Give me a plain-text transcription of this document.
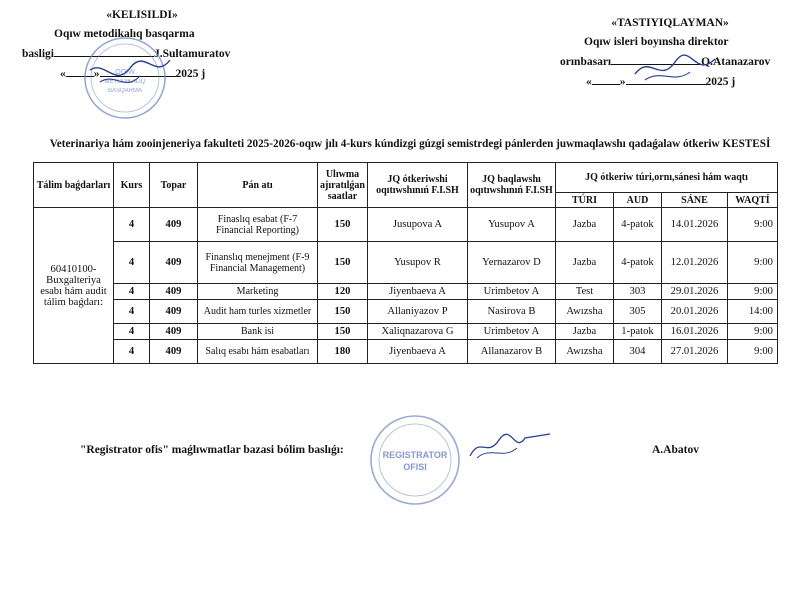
«KELISILDI»
Oqıw metodikalıq basqarma
basligi	J.Sultamuratov
« »	2025 j
«TASTIYIQLAYMAN»
Oqıw isleri boyınsha direktor
orınbasarı	Q.Atanazarov
« »	2025 j
OQIW
METODIKALIQ
BASQARMA
Veterinariya hám zooinjeneriya fakulteti 2025-2026-oqıw jılı 4-kurs kúndizgi gúzgi semistrdegi pánlerden juwmaqlawshı qadaǵalaw ótkeriw KESTESİ
Tálim baǵdarları	Kurs	Topar	Pán atı	Ulıwma ajıratılǵan saatlar	JQ ótkeriwshi oqıtıwshınıń F.I.SH	JQ baqlawshı oqıtıwshınıń F.I.SH	JQ ótkeriw túri,ornı,sánesi hám waqtı			
							TÚRI	AUD	SÁNE	WAQTÍ
60410100-Buxgalteriya esabı hám audit tálim baǵdarı:	4	409	Finaslıq esabat (F-7 Financial Reporting)	150	Jusupova A	Yusupov A	Jazba	4-patok	14.01.2026	9:00
	4	409	Finanslıq menejment (F-9 Financial Management)	150	Yusupov R	Yernazarov D	Jazba	4-patok	12.01.2026	9:00
	4	409	Marketing	120	Jiyenbaeva A	Urimbetov A	Test	303	29.01.2026	9:00
	4	409	Audit ham turles xizmetler	150	Allaniyazov P	Nasirova B	Awızsha	305	20.01.2026	14:00
	4	409	Bank isi	150	Xaliqnazarova G	Urimbetov A	Jazba	1-patok	16.01.2026	9:00
	4	409	Salıq esabı hám esabatları	180	Jiyenbaeva A	Allanazarov B	Awızsha	304	27.01.2026	9:00
REGISTRATOR
OFISI
"Registrator ofis" maǵlıwmatlar bazasi bólim baslıǵı:	A.Abatov
